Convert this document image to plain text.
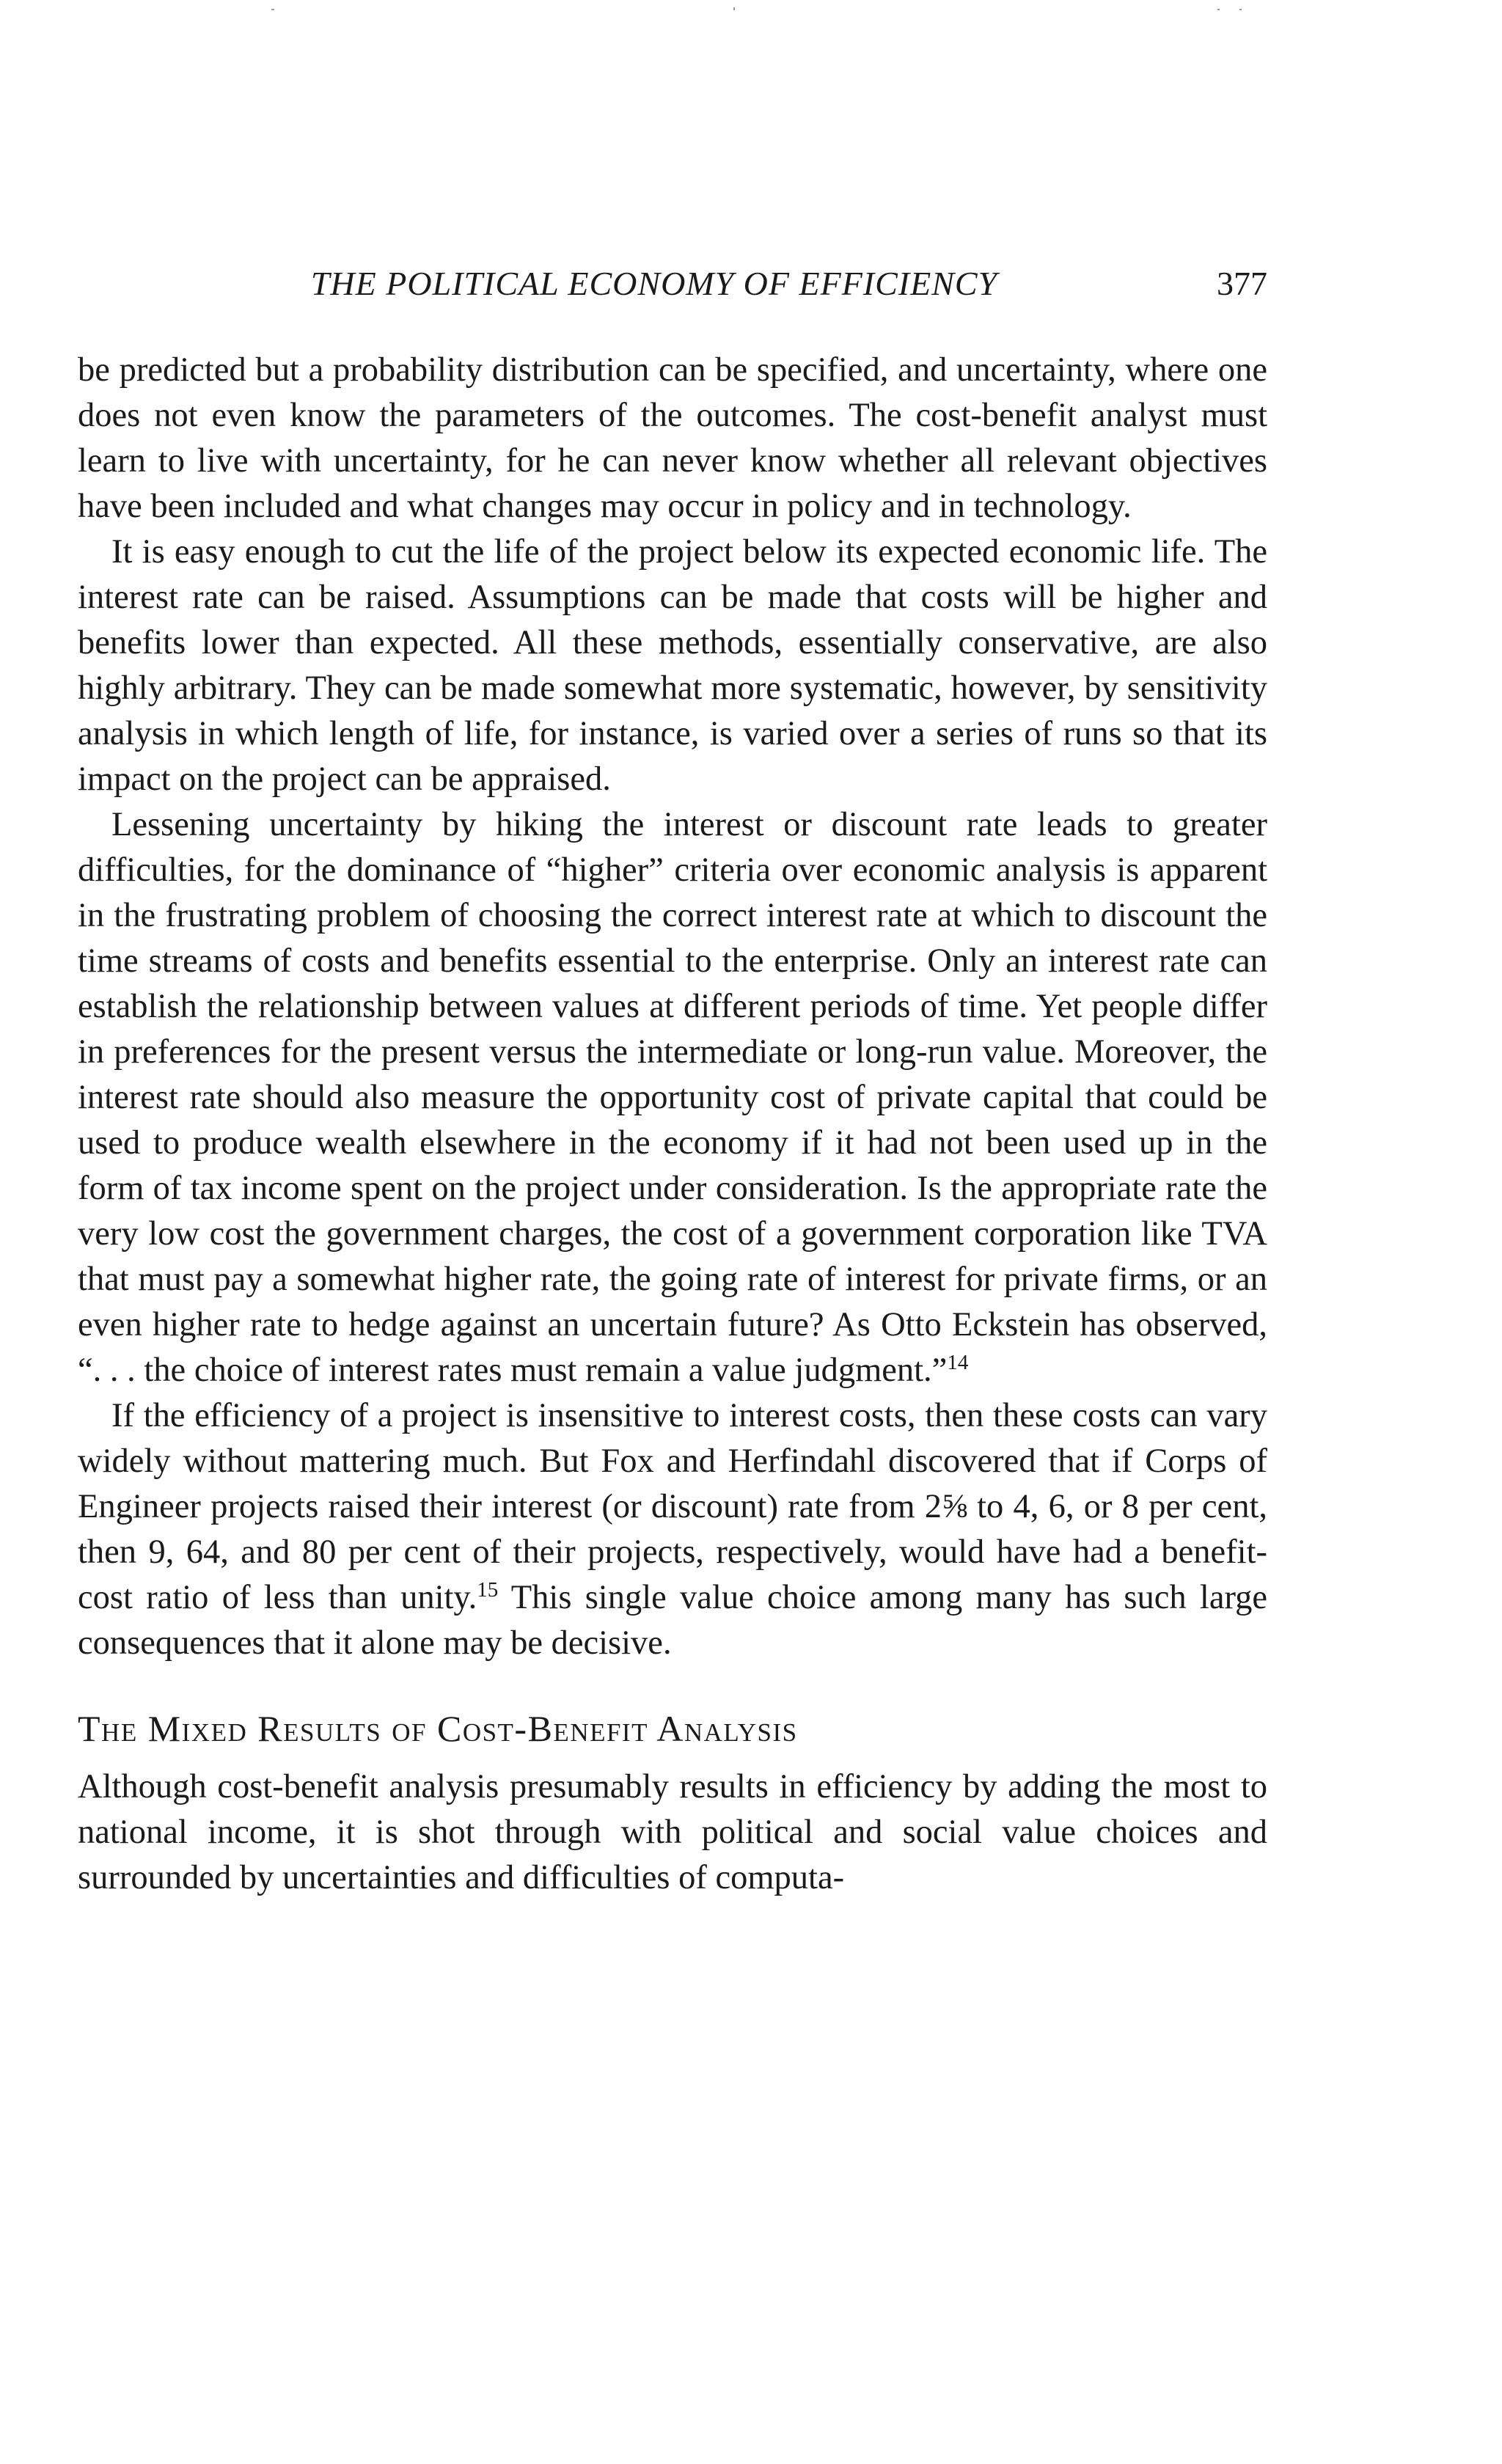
THE POLITICAL ECONOMY OF EFFICIENCY	377

be predicted but a probability distribution can be specified, and uncertainty, where one does not even know the parameters of the outcomes. The cost-benefit analyst must learn to live with uncertainty, for he can never know whether all relevant objectives have been included and what changes may occur in policy and in technology.

It is easy enough to cut the life of the project below its expected economic life. The interest rate can be raised. Assumptions can be made that costs will be higher and benefits lower than expected. All these methods, essentially conservative, are also highly arbitrary. They can be made somewhat more systematic, however, by sensitivity analysis in which length of life, for instance, is varied over a series of runs so that its impact on the project can be appraised.

Lessening uncertainty by hiking the interest or discount rate leads to greater difficulties, for the dominance of “higher” criteria over economic analysis is apparent in the frustrating problem of choosing the correct interest rate at which to discount the time streams of costs and benefits essential to the enterprise. Only an interest rate can establish the relationship between values at different periods of time. Yet people differ in preferences for the present versus the intermediate or long-run value. Moreover, the interest rate should also measure the opportunity cost of private capital that could be used to produce wealth elsewhere in the economy if it had not been used up in the form of tax income spent on the project under consideration. Is the appropriate rate the very low cost the government charges, the cost of a government corporation like TVA that must pay a somewhat higher rate, the going rate of interest for private firms, or an even higher rate to hedge against an uncertain future? As Otto Eckstein has observed, “. . . the choice of interest rates must remain a value judgment.”$^{14}$

If the efficiency of a project is insensitive to interest costs, then these costs can vary widely without mattering much. But Fox and Herfindahl discovered that if Corps of Engineer projects raised their interest (or discount) rate from 2⅝ to 4, 6, or 8 per cent, then 9, 64, and 80 per cent of their projects, respectively, would have had a benefit-cost ratio of less than unity.$^{15}$ This single value choice among many has such large consequences that it alone may be decisive.

The Mixed Results of Cost-Benefit Analysis

Although cost-benefit analysis presumably results in efficiency by adding the most to national income, it is shot through with political and social value choices and surrounded by uncertainties and difficulties of computa-
